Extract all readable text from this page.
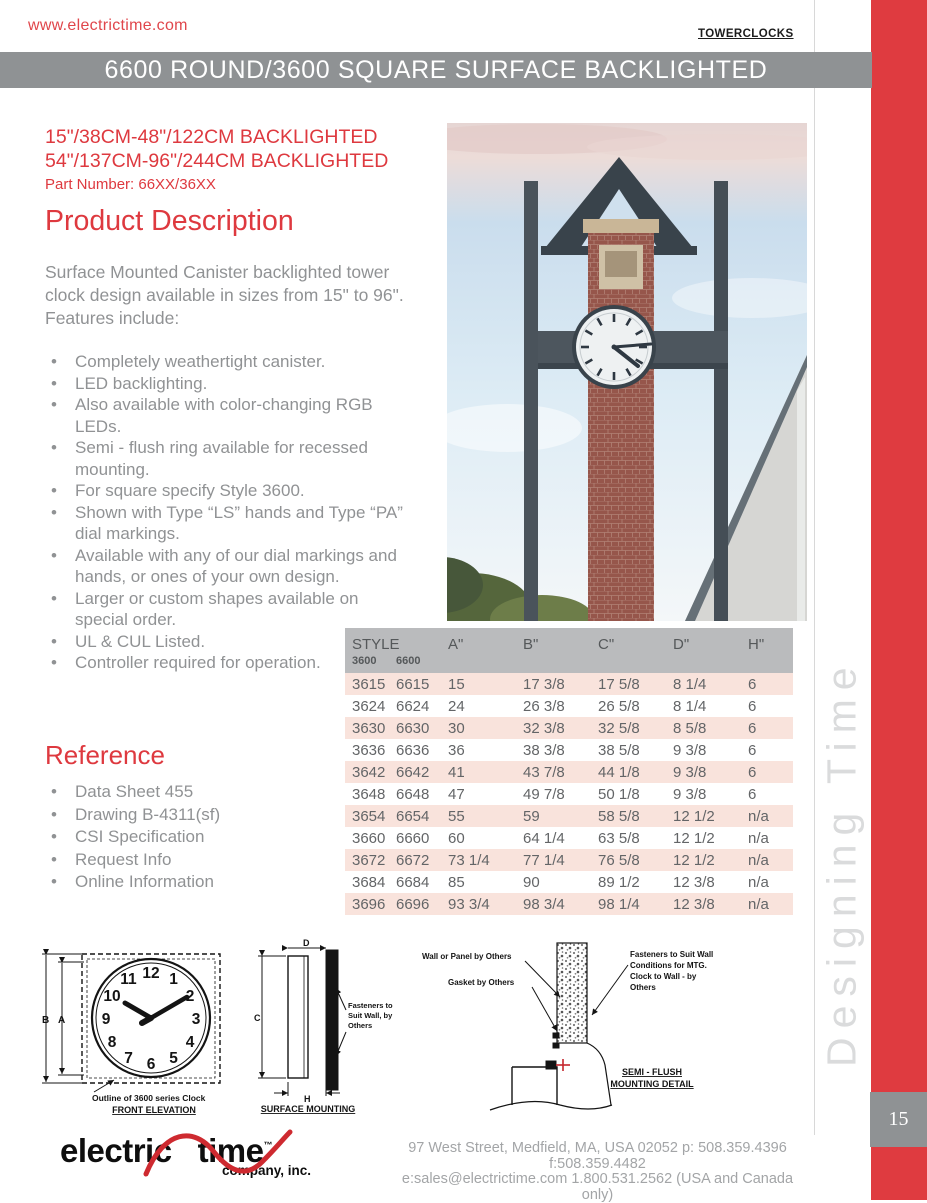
www.electrictime.com	TOWERCLOCKS
6600 ROUND/3600 SQUARE SURFACE BACKLIGHTED
15"/38CM-48"/122CM BACKLIGHTED
54"/137CM-96"/244CM BACKLIGHTED
Part Number: 66XX/36XX
Product Description
Surface Mounted Canister backlighted tower clock design available in sizes from 15" to 96". Features include:
• Completely weathertight canister.
• LED backlighting.
• Also available with color-changing RGB LEDs.
• Semi - flush ring available for recessed mounting.
• For square specify Style 3600.
• Shown with Type “LS” hands and Type “PA” dial markings.
• Available with any of our dial markings and hands, or ones of your own design.
• Larger or custom shapes available on special order.
• UL & CUL Listed.
• Controller required for operation.
Reference
• Data Sheet 455
• Drawing B-4311(sf)
• CSI Specification
• Request Info
• Online Information
STYLE		A"	B"	C"	D"	H"
3600	6600					
3615	6615	15	17 3/8	17 5/8	8 1/4	6
3624	6624	24	26 3/8	26 5/8	8 1/4	6
3630	6630	30	32 3/8	32 5/8	8 5/8	6
3636	6636	36	38 3/8	38 5/8	9 3/8	6
3642	6642	41	43 7/8	44 1/8	9 3/8	6
3648	6648	47	49 7/8	50 1/8	9 3/8	6
3654	6654	55	59	58 5/8	12 1/2	n/a
3660	6660	60	64 1/4	63 5/8	12 1/2	n/a
3672	6672	73 1/4	77 1/4	76 5/8	12 1/2	n/a
3684	6684	85	90	89 1/2	12 3/8	n/a
3696	6696	93 3/4	98 3/4	98 1/4	12 3/8	n/a
12 1
2
3
4
5
6
7
8
9
10
11
B A
Outline of 3600 series Clock
FRONT ELEVATION
D
C
H
Fasteners to
Suit Wall, by
Others
SURFACE MOUNTING
Wall or Panel by Others
Gasket by Others
Fasteners to Suit Wall
Conditions for MTG.
Clock to Wall - by
Others
SEMI - FLUSH
MOUNTING DETAIL
Designing Time
15
electric time™
company, inc.
97 West Street, Medfield, MA, USA 02052 p: 508.359.4396 f:508.359.4482
e:sales@electrictime.com 1.800.531.2562 (USA and Canada only)
